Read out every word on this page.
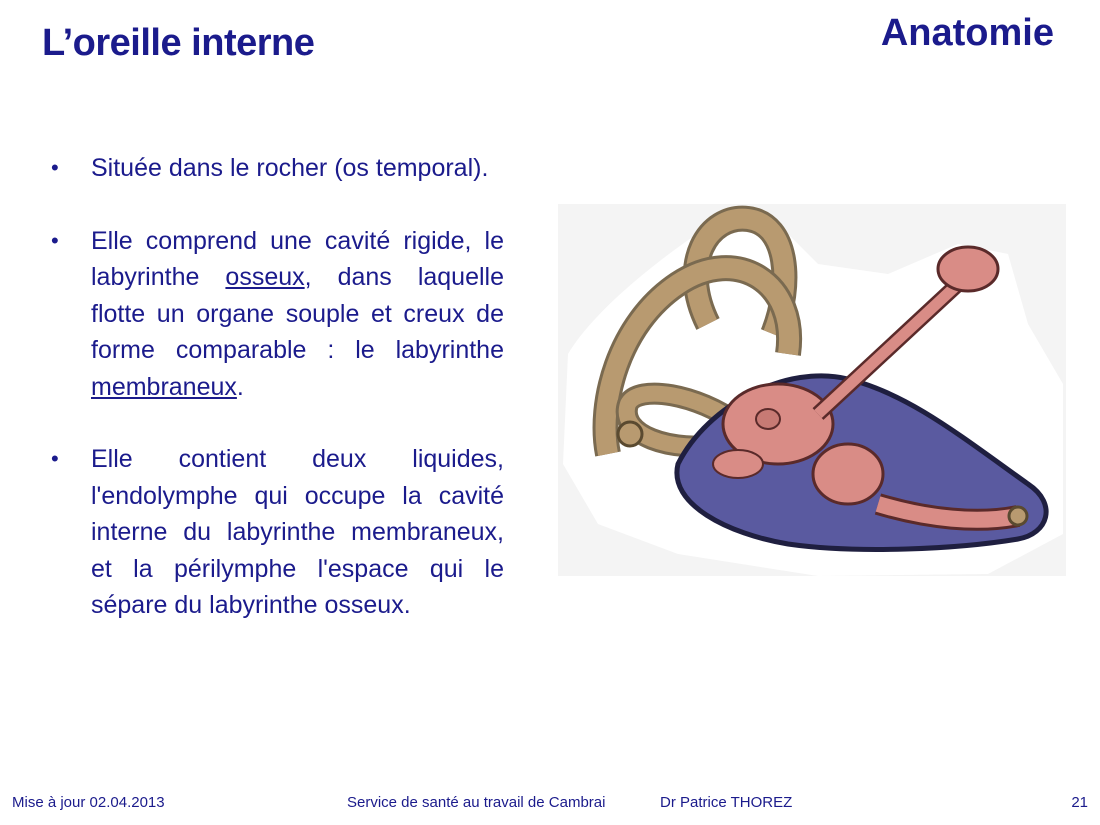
L’oreille interne	Anatomie
• Située dans le rocher (os temporal).
• Elle comprend une cavité rigide, le labyrinthe osseux, dans laquelle flotte un organe souple et creux de forme comparable : le labyrinthe membraneux.
• Elle contient deux liquides, l'endolymphe qui occupe la cavité interne du labyrinthe membraneux, et la périlymphe l'espace qui le sépare du labyrinthe osseux.
Mise à jour 02.04.2013	Service de santé au travail de Cambrai	Dr Patrice THOREZ	21
